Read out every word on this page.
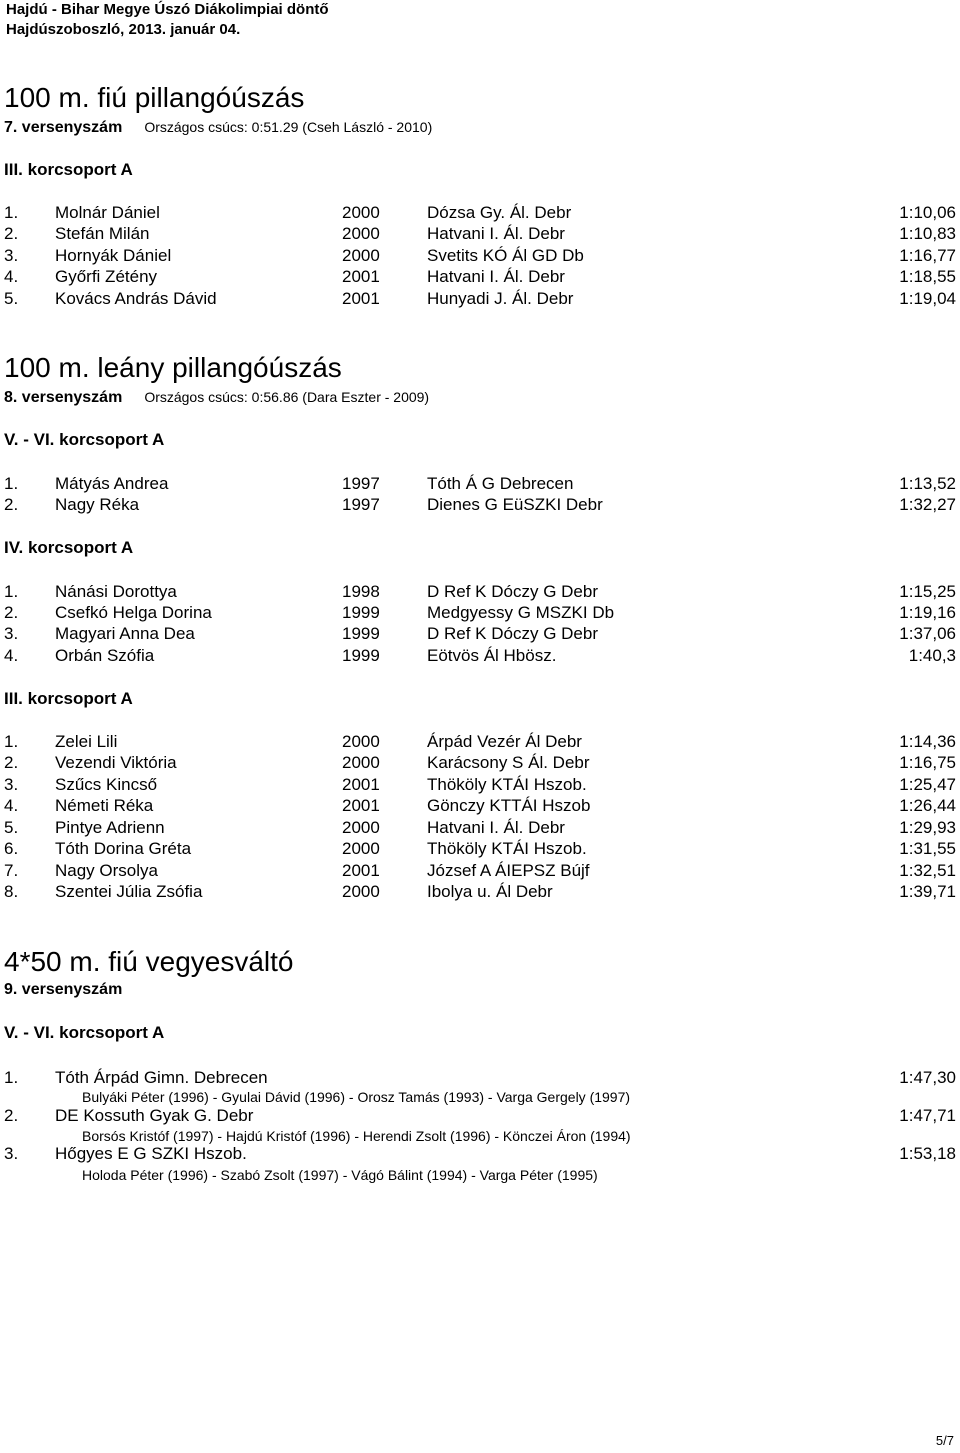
Hajdú - Bihar Megye Úszó Diákolimpiai döntő
Hajdúszoboszló, 2013. január 04.
100 m. fiú pillangóúszás
7. versenyszám Országos csúcs: 0:51.29 (Cseh László - 2010)
III. korcsoport A
1. Molnár Dániel	2000	Dózsa Gy. Ál. Debr	1:10,06
2. Stefán Milán	2000	Hatvani I. Ál. Debr	1:10,83
3. Hornyák Dániel	2000	Svetits KÓ Ál GD Db	1:16,77
4. Győrfi Zétény	2001	Hatvani I. Ál. Debr	1:18,55
5. Kovács András Dávid	2001	Hunyadi J. Ál. Debr	1:19,04
100 m. leány pillangóúszás
8. versenyszám Országos csúcs: 0:56.86 (Dara Eszter - 2009)
V. - VI. korcsoport A
1. Mátyás Andrea	1997	Tóth Á G Debrecen	1:13,52
2. Nagy Réka	1997	Dienes G EüSZKI Debr	1:32,27
IV. korcsoport A
1. Nánási Dorottya	1998	D Ref K Dóczy G Debr	1:15,25
2. Csefkó Helga Dorina	1999	Medgyessy G MSZKI Db	1:19,16
3. Magyari Anna Dea	1999	D Ref K Dóczy G Debr	1:37,06
4. Orbán Szófia	1999	Eötvös Ál Hbösz.	1:40,3
III. korcsoport A
1. Zelei Lili	2000	Árpád Vezér Ál Debr	1:14,36
2. Vezendi Viktória	2000	Karácsony S Ál. Debr	1:16,75
3. Szűcs Kincső	2001	Thököly KTÁI Hszob.	1:25,47
4. Németi Réka	2001	Gönczy KTTÁI Hszob	1:26,44
5. Pintye Adrienn	2000	Hatvani I. Ál. Debr	1:29,93
6. Tóth Dorina Gréta	2000	Thököly KTÁI Hszob.	1:31,55
7. Nagy Orsolya	2001	József A ÁIEPSZ Bújf	1:32,51
8. Szentei Júlia Zsófia	2000	Ibolya u. Ál Debr	1:39,71
4*50 m. fiú vegyesváltó
9. versenyszám
V. - VI. korcsoport A
1. Tóth Árpád Gimn. Debrecen	1:47,30
Bulyáki Péter (1996) - Gyulai Dávid (1996) - Orosz Tamás (1993) - Varga Gergely (1997)
2. DE Kossuth Gyak G. Debr	1:47,71
Borsós Kristóf (1997) - Hajdú Kristóf (1996) - Herendi Zsolt (1996) - Könczei Áron (1994)
3. Hőgyes E G SZKI Hszob.	1:53,18
Holoda Péter (1996) - Szabó Zsolt (1997) - Vágó Bálint (1994) - Varga Péter (1995)
5/7
